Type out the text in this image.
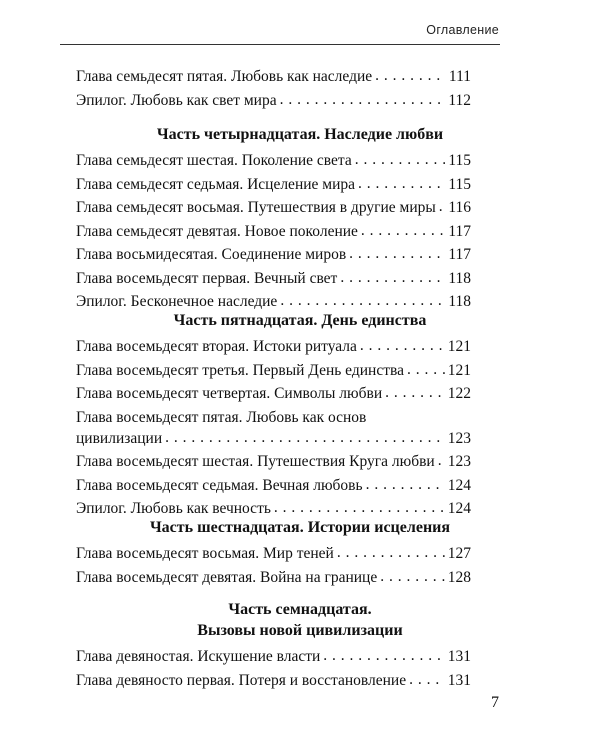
Оглавление
Глава семьдесят пятая. Любовь как наследие . . .	111
Эпилог. Любовь как свет мира . . .	112
Часть четырнадцатая. Наследие любви
Глава семьдесят шестая. Поколение света . . .	115
Глава семьдесят седьмая. Исцеление мира . . .	115
Глава семьдесят восьмая. Путешествия в другие миры . . . 116
Глава семьдесят девятая. Новое поколение . . .	117
Глава восьмидесятая. Соединение миров . . .	117
Глава восемьдесят первая. Вечный свет . . .	118
Эпилог. Бесконечное наследие . . .	118
Часть пятнадцатая. День единства
Глава восемьдесят вторая. Истоки ритуала . . .	121
Глава восемьдесят третья. Первый День единства . . .	121
Глава восемьдесят четвертая. Символы любви . . .	122
Глава восемьдесят пятая. Любовь как основ
цивилизации . . .	123
Глава восемьдесят шестая. Путешествия Круга любви . . . 123
Глава восемьдесят седьмая. Вечная любовь . . .	124
Эпилог. Любовь как вечность . . .	124
Часть шестнадцатая. Истории исцеления
Глава восемьдесят восьмая. Мир теней . . .	127
Глава восемьдесят девятая. Война на границе . . .	128
Часть семнадцатая.
Вызовы новой цивилизации
Глава девяностая. Искушение власти . . .	131
Глава девяносто первая. Потеря и восстановление . . .	131
7
